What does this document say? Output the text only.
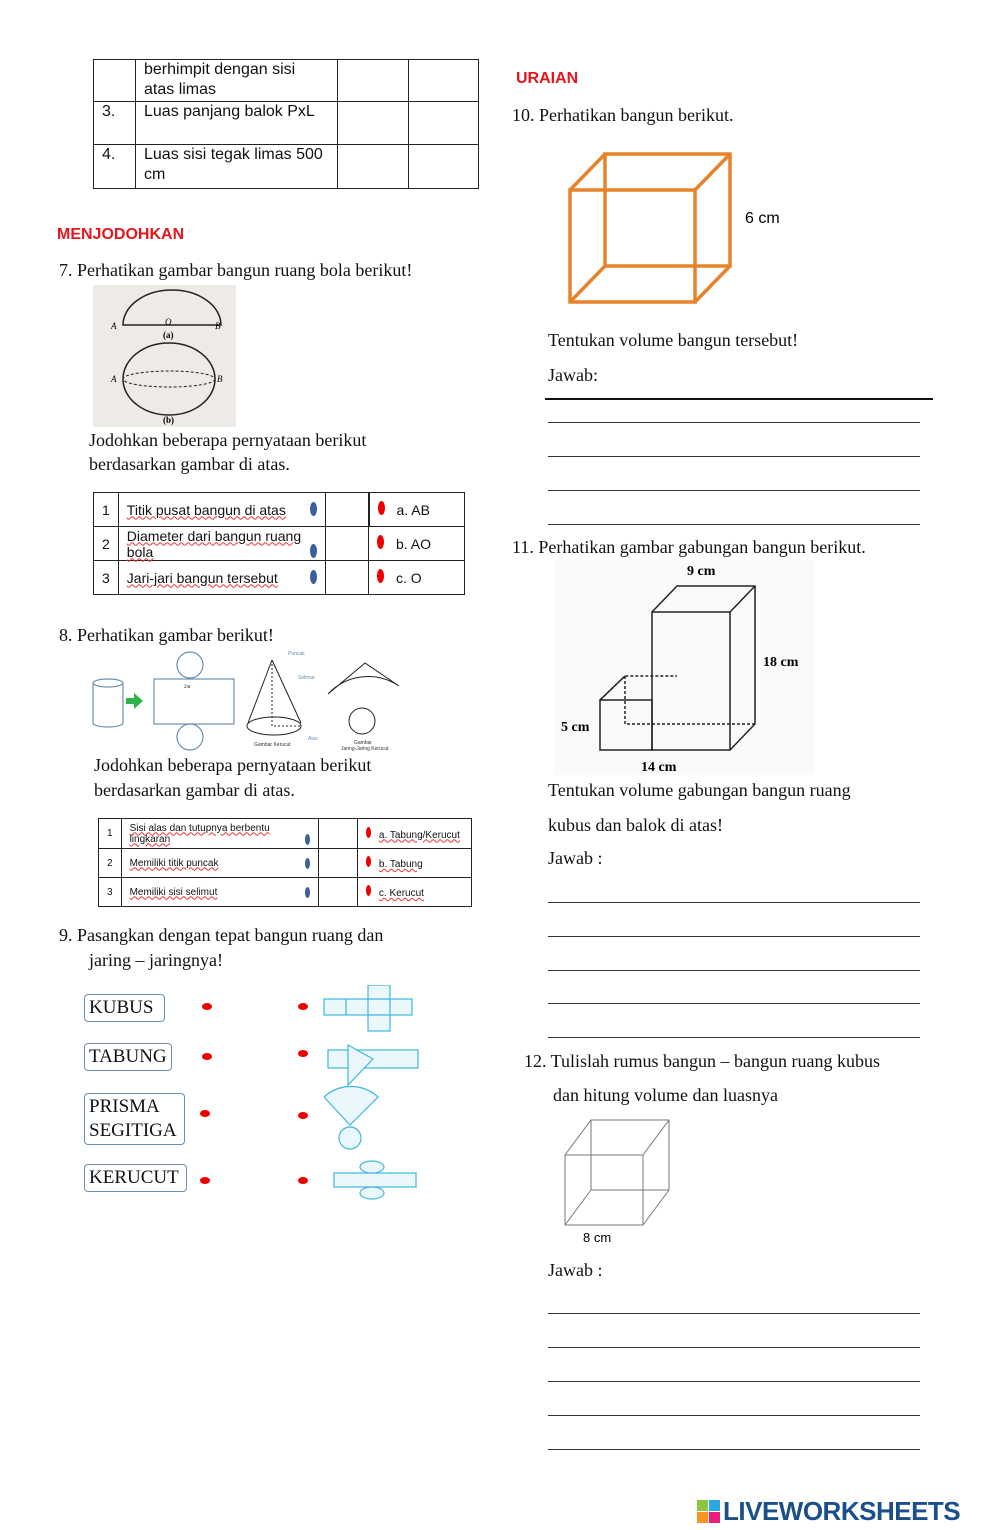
	berhimpit dengan sisi atas limas		
3.	Luas panjang balok PxL		
4.	Luas sisi tegak limas 500 cm		
MENJODOHKAN
7. Perhatikan gambar bangun ruang bola berikut!
A	B
O
(a)
A	B
(b)
Jodohkan beberapa pernyataan berikut
berdasarkan gambar di atas.
1	Titik pusat bangun di atas		a. AB
2	Diameter dari bangun ruang bola		b. AO
3	Jari-jari bangun tersebut		c. O
8. Perhatikan gambar berikut!
2πr
Puncak
Selimut
Alas
Gambar Kerucut	Gambar
Jaring-Jaring Kerucut
Jodohkan beberapa pernyataan berikut
berdasarkan gambar di atas.
1	Sisi alas dan tutupnya berbentu lingkaran		a. Tabung/Kerucut
2	Memiliki titik puncak		b. Tabung
3	Memiliki sisi selimut		c. Kerucut
9. Pasangkan dengan tepat bangun ruang dan
jaring – jaringnya!
KUBUS
TABUNG
PRISMA
SEGITIGA
KERUCUT
URAIAN
10. Perhatikan bangun berikut.
6 cm
Tentukan volume bangun tersebut!
Jawab:
11. Perhatikan gambar gabungan bangun berikut.
9 cm
18 cm
5 cm
14 cm
Tentukan volume gabungan bangun ruang
kubus dan balok di atas!
Jawab :
12. Tulislah rumus bangun – bangun ruang kubus
dan hitung volume dan luasnya
8 cm
Jawab :
LIVEWORKSHEETS
